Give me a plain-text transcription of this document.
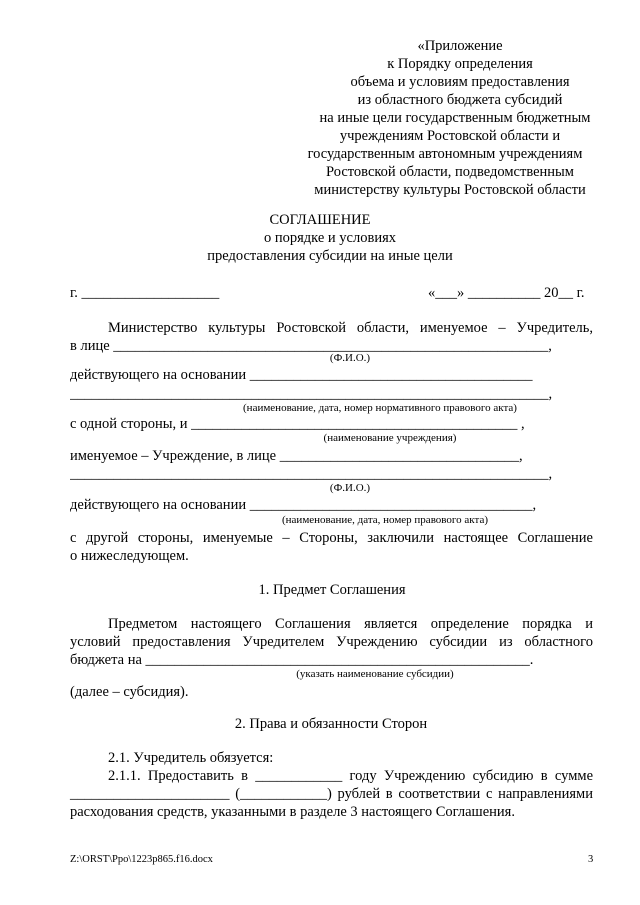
«Приложение
к Порядку определения
объема и условиям предоставления
из областного бюджета субсидий
на иные цели государственным бюджетным
учреждениям Ростовской области и
государственным автономным учреждениям
Ростовской области, подведомственным
министерству культуры Ростовской области
СОГЛАШЕНИЕ
о порядке и условиях
предоставления субсидии на иные цели
г. ___________________	«___» __________ 20__ г.
Министерство культуры Ростовской области, именуемое – Учредитель,
в лице ____________________________________________________________,
(Ф.И.О.)
действующего на основании _______________________________________
__________________________________________________________________,
(наименование, дата, номер нормативного правового акта)
с одной стороны, и _____________________________________________ ,
(наименование учреждения)
именуемое – Учреждение, в лице _________________________________,
__________________________________________________________________,
(Ф.И.О.)
действующего на основании _______________________________________,
(наименование, дата, номер правового акта)
с другой стороны, именуемые – Стороны, заключили настоящее Соглашение
о нижеследующем.
1. Предмет Соглашения
Предметом настоящего Соглашения является определение порядка и
условий предоставления Учредителем Учреждению субсидии из областного
бюджета на _____________________________________________________.
(указать наименование субсидии)
(далее – субсидия).
2. Права и обязанности Сторон
2.1. Учредитель обязуется:
2.1.1. Предоставить в ____________ году Учреждению субсидию в сумме
______________________ (____________) рублей в соответствии с направлениями
расходования средств, указанными в разделе 3 настоящего Соглашения.
Z:\ORST\Ppo\1223p865.f16.docx	3
